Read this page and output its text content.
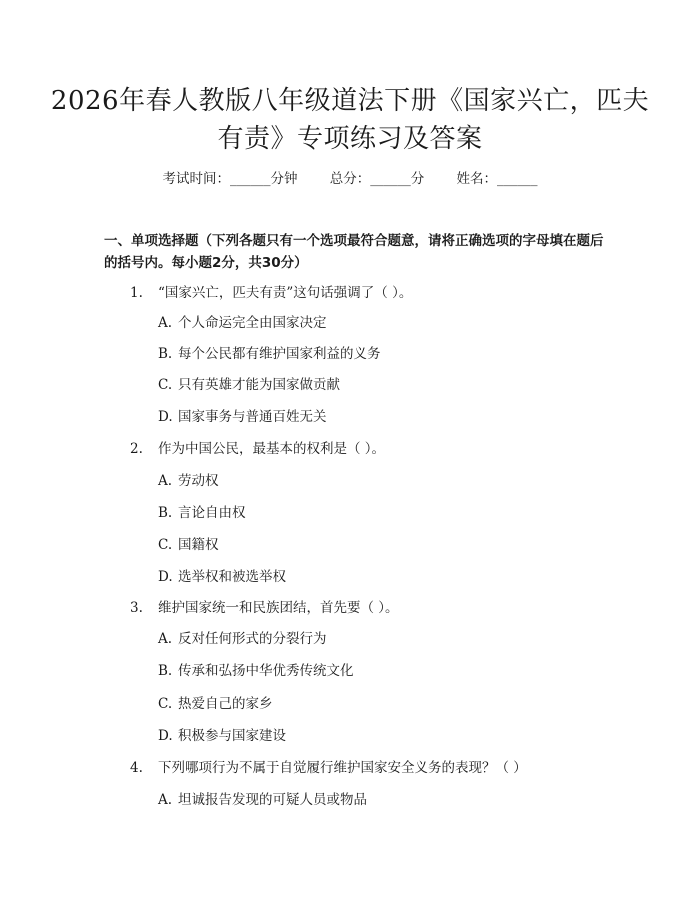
2026年春人教版八年级道法下册《国家兴亡，匹夫有责》专项练习及答案
考试时间：______分钟 总分：______分 姓名：______

一、单项选择题（下列各题只有一个选项最符合题意，请将正确选项的字母填在题后的括号内。每小题2分，共30分）

1. “国家兴亡，匹夫有责”这句话强调了（ ）。
A. 个人命运完全由国家决定
B. 每个公民都有维护国家利益的义务
C. 只有英雄才能为国家做贡献
D. 国家事务与普通百姓无关
2. 作为中国公民，最基本的权利是（ ）。
A. 劳动权
B. 言论自由权
C. 国籍权
D. 选举权和被选举权
3. 维护国家统一和民族团结，首先要（ ）。
A. 反对任何形式的分裂行为
B. 传承和弘扬中华优秀传统文化
C. 热爱自己的家乡
D. 积极参与国家建设
4. 下列哪项行为不属于自觉履行维护国家安全义务的表现？（ ）
A. 坦诚报告发现的可疑人员或物品
